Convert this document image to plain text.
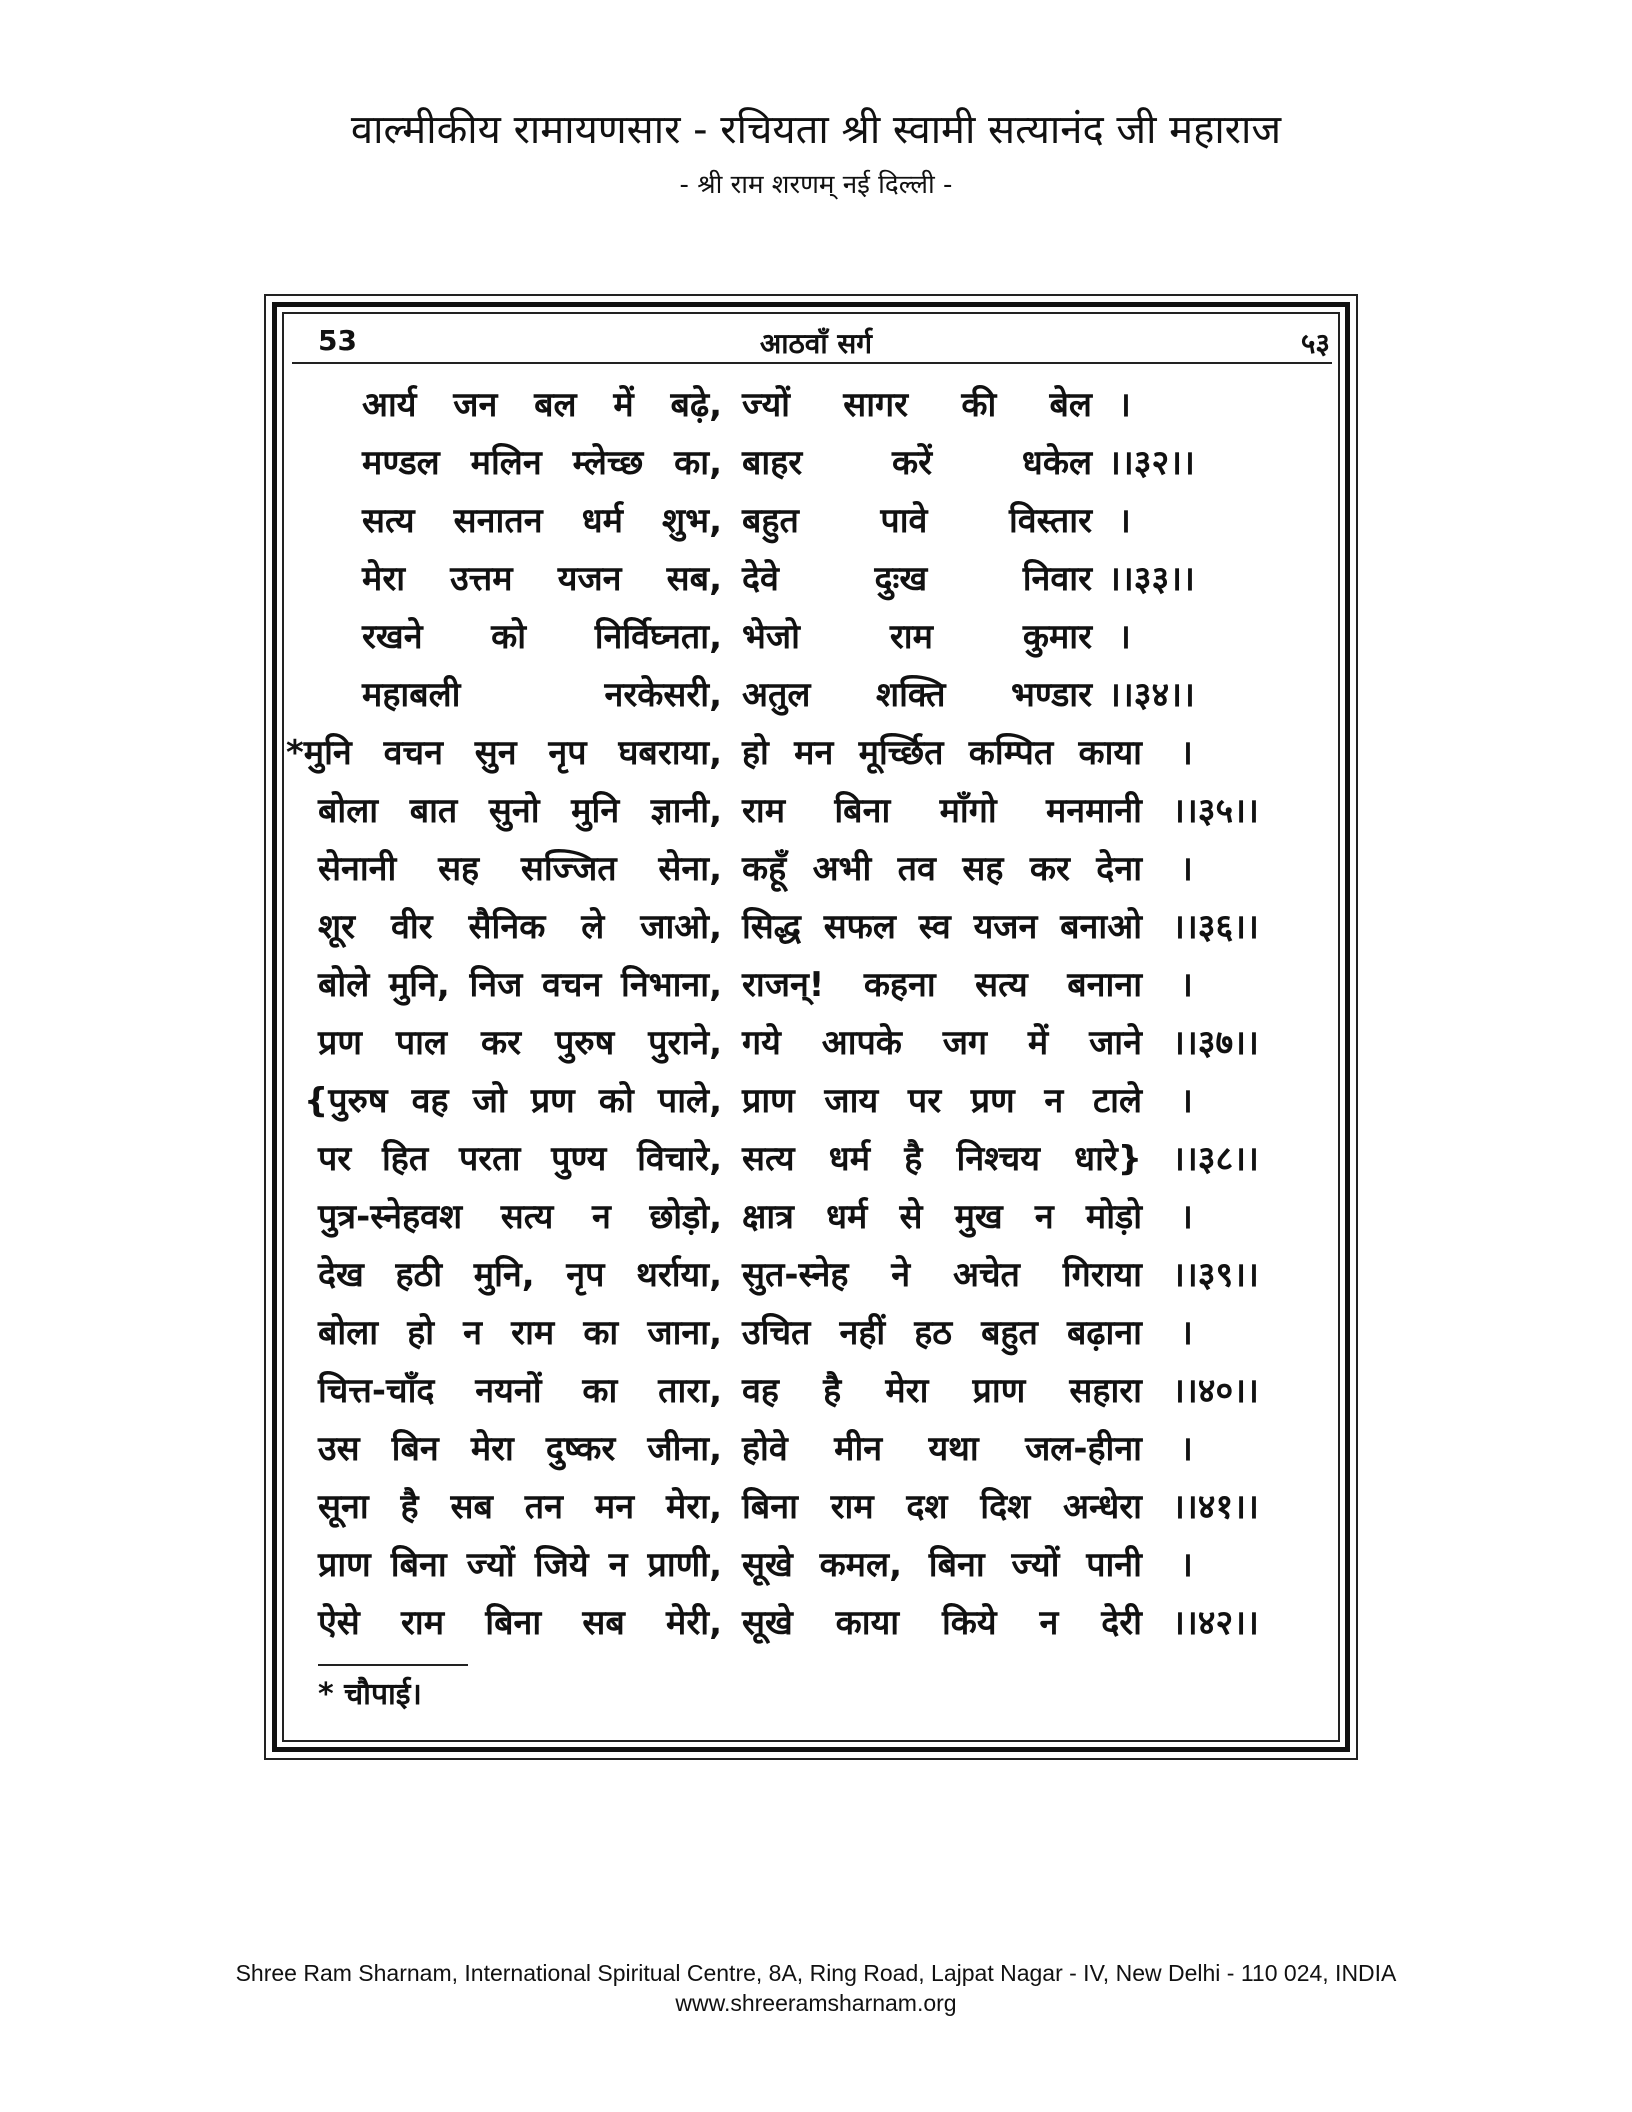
वाल्मीकीय रामायणसार - रचियता श्री स्वामी सत्यानंद जी महाराज
- श्री राम शरणम् नई दिल्ली -
53	आठवाँ सर्ग	५३
आर्य जन बल में बढ़े, ज्यों सागर की बेल ।
मण्डल मलिन म्लेच्छ का, बाहर करें धकेल ।।३२।।
सत्य सनातन धर्म शुभ, बहुत पावे विस्तार ।
मेरा उत्तम यजन सब, देवे दुःख निवार ।।३३।।
रखने को निर्विघ्नता, भेजो राम कुमार ।
महाबली नरकेसरी, अतुल शक्ति भण्डार ।।३४।।
*मुनि वचन सुन नृप घबराया, हो मन मूर्च्छित कम्पित काया ।
बोला बात सुनो मुनि ज्ञानी, राम बिना माँगो मनमानी ।।३५।।
सेनानी सह सज्जित सेना, कहूँ अभी तव सह कर देना ।
शूर वीर सैनिक ले जाओ, सिद्ध सफल स्व यजन बनाओ ।।३६।।
बोले मुनि, निज वचन निभाना, राजन्! कहना सत्य बनाना ।
प्रण पाल कर पुरुष पुराने, गये आपके जग में जाने ।।३७।।
{पुरुष वह जो प्रण को पाले, प्राण जाय पर प्रण न टाले ।
पर हित परता पुण्य विचारे, सत्य धर्म है निश्चय धारे} ।।३८।।
पुत्र-स्नेहवश सत्य न छोड़ो, क्षात्र धर्म से मुख न मोड़ो ।
देख हठी मुनि, नृप थर्राया, सुत-स्नेह ने अचेत गिराया ।।३९।।
बोला हो न राम का जाना, उचित नहीं हठ बहुत बढ़ाना ।
चित्त-चाँद नयनों का तारा, वह है मेरा प्राण सहारा ।।४०।।
उस बिन मेरा दुष्कर जीना, होवे मीन यथा जल-हीना ।
सूना है सब तन मन मेरा, बिना राम दश दिश अन्धेरा ।।४१।।
प्राण बिना ज्यों जिये न प्राणी, सूखे कमल, बिना ज्यों पानी ।
ऐसे राम बिना सब मेरी, सूखे काया किये न देरी ।।४२।।
* चौपाई।
Shree Ram Sharnam, International Spiritual Centre, 8A, Ring Road, Lajpat Nagar - IV, New Delhi - 110 024, INDIA
www.shreeramsharnam.org
